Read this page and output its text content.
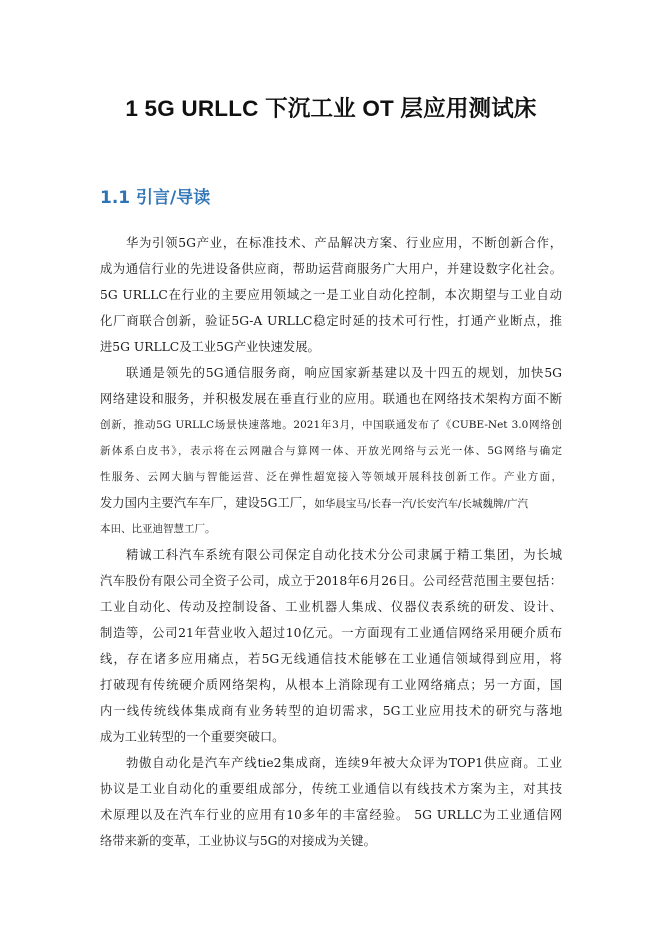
1 5G URLLC 下沉工业 OT 层应用测试床
1.1 引言/导读
华为引领5G产业，在标准技术、产品解决方案、行业应用，不断创新合作，
成为通信行业的先进设备供应商，帮助运营商服务广大用户，并建设数字化社会。
5G URLLC在行业的主要应用领域之一是工业自动化控制，本次期望与工业自动
化厂商联合创新，验证5G-A URLLC稳定时延的技术可行性，打通产业断点，推
进5G URLLC及工业5G产业快速发展。
联通是领先的5G通信服务商，响应国家新基建以及十四五的规划，加快5G
网络建设和服务，并积极发展在垂直行业的应用。联通也在网络技术架构方面不断
创新，推动5G URLLC场景快速落地。2021年3月，中国联通发布了《CUBE-Net 3.0网络创
新体系白皮书》，表示将在云网融合与算网一体、开放光网络与云光一体、5G网络与确定
性服务、云网大脑与智能运营、泛在弹性超宽接入等领域开展科技创新工作。产业方面，
发力国内主要汽车车厂，建设5G工厂，如华晨宝马/长春一汽/长安汽车/长城魏牌/广汽
本田、比亚迪智慧工厂。
精诚工科汽车系统有限公司保定自动化技术分公司隶属于精工集团，为长城
汽车股份有限公司全资子公司，成立于2018年6月26日。公司经营范围主要包括：
工业自动化、传动及控制设备、工业机器人集成、仪器仪表系统的研发、设计、
制造等，公司21年营业收入超过10亿元。一方面现有工业通信网络采用硬介质布
线，存在诸多应用痛点，若5G无线通信技术能够在工业通信领域得到应用，将
打破现有传统硬介质网络架构，从根本上消除现有工业网络痛点；另一方面，国
内一线传统线体集成商有业务转型的迫切需求，5G工业应用技术的研究与落地
成为工业转型的一个重要突破口。
勃傲自动化是汽车产线tie2集成商，连续9年被大众评为TOP1供应商。工业
协议是工业自动化的重要组成部分，传统工业通信以有线技术方案为主，对其技
术原理以及在汽车行业的应用有10多年的丰富经验。 5G URLLC为工业通信网
络带来新的变革，工业协议与5G的对接成为关键。
